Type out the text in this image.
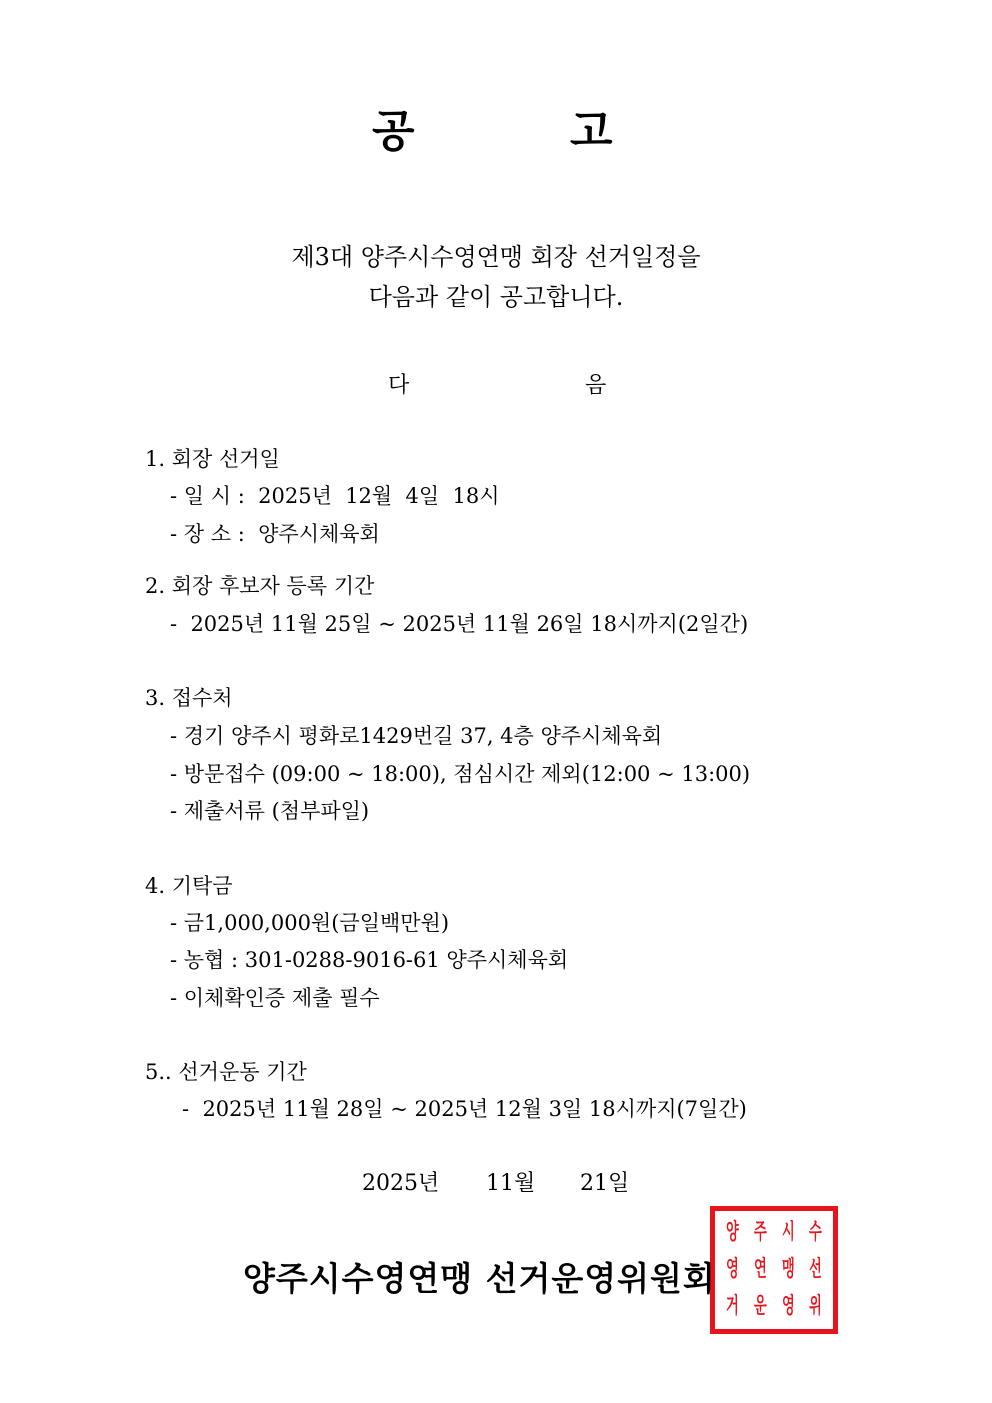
공	고
제3대 양주시수영연맹 회장 선거일정을
다음과 같이 공고합니다.
다	음
1. 회장 선거일
- 일 시 :  2025년  12월  4일  18시
- 장 소 :  양주시체육회
2. 회장 후보자 등록 기간
-  2025년 11월 25일 ~ 2025년 11월 26일 18시까지(2일간)
3. 접수처
- 경기 양주시 평화로1429번길 37, 4층 양주시체육회
- 방문접수 (09:00 ~ 18:00), 점심시간 제외(12:00 ~ 13:00)
- 제출서류 (첨부파일)
4. 기탁금
- 금1,000,000원(금일백만원)
- 농협 : 301-0288-9016-61 양주시체육회
- 이체확인증 제출 필수
5.. 선거운동 기간
-  2025년 11월 28일 ~ 2025년 12월 3일 18시까지(7일간)
2025년 11월 21일
양 주 시 수
영 연 맹 선
거 운 영 위
양주시수영연맹 선거운영위원회
